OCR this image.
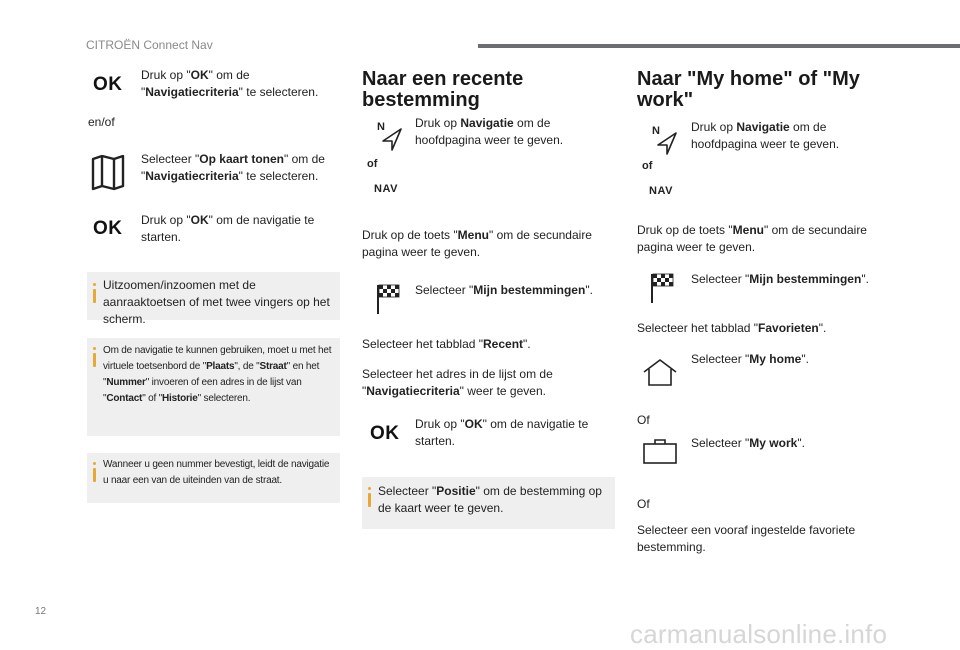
CITROËN Connect Nav
OK Druk op "OK" om de "Navigatiecriteria" te selecteren.
en/of
Selecteer "Op kaart tonen" om de "Navigatiecriteria" te selecteren.
OK Druk op "OK" om de navigatie te starten.
Uitzoomen/inzoomen met de aanraaktoetsen of met twee vingers op het scherm.
Om de navigatie te kunnen gebruiken, moet u met het virtuele toetsenbord de "Plaats", de "Straat" en het "Nummer" invoeren of een adres in de lijst van "Contact" of "Historie" selecteren.
Wanneer u geen nummer bevestigt, leidt de navigatie u naar een van de uiteinden van de straat.
Naar een recente bestemming
N
of
NAV
Druk op Navigatie om de hoofdpagina weer te geven.
Druk op de toets "Menu" om de secundaire pagina weer te geven.
Selecteer "Mijn bestemmingen".
Selecteer het tabblad "Recent".
Selecteer het adres in de lijst om de "Navigatiecriteria" weer te geven.
OK Druk op "OK" om de navigatie te starten.
Selecteer "Positie" om de bestemming op de kaart weer te geven.
Naar "My home" of "My work"
N
of
NAV
Druk op Navigatie om de hoofdpagina weer te geven.
Druk op de toets "Menu" om de secundaire pagina weer te geven.
Selecteer "Mijn bestemmingen".
Selecteer het tabblad "Favorieten".
Selecteer "My home".
Of
Selecteer "My work".
Of
Selecteer een vooraf ingestelde favoriete bestemming.
12
carmanualsonline.info
